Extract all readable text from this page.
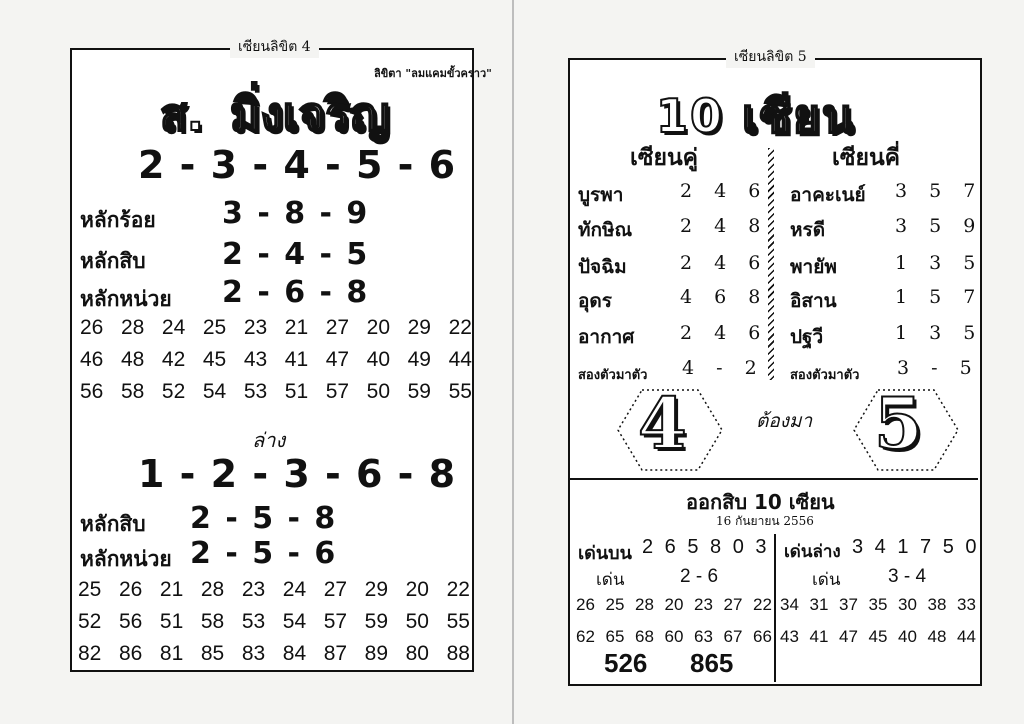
เซียนลิขิต 4
ลิขิตา "ลมแคมขั้วคราว"
ส. มิ่งเจริญ
2 - 3 - 4 - 5 - 6
หลักร้อย 3 - 8 - 9
หลักสิบ	2 - 4 - 5
หลักหน่วย 2 - 6 - 8
26 28 24 25 23 21 27 20 29 22
46 48 42 45 43 41 47 40 49 44
56 58 52 54 53 51 57 50 59 55
ล่าง
1 - 2 - 3 - 6 - 8
หลักสิบ 2 - 5 - 8
หลักหน่วย 2 - 5 - 6
25 26 21 28 23 24 27 29 20 22
52 56 51 58 53 54 57 59 50 55
82 86 81 85 83 84 87 89 80 88
เซียนลิขิต 5
10 เซียน
เซียนคู่	เซียนคี่
บูรพา	2 4 6
ทักษิณ	2 4 8
ปัจฉิม	2 4 6
อุดร	4 6 8
อากาศ 2 4 6
อาคะเนย์ 3 5 7
หรดี	3 5 9
พายัพ	1 3 5
อิสาน	1 5 7
ปฐวี	1 3 5
สองตัวมาตัว 4 - 2 สองตัวมาตัว 3 - 5
4	5
ต้องมา
ออกสิบ 10 เซียน
16 กันยายน 2556
เด่นบน 2 6 5 8 0 3
เด่น	2 - 6
เด่นล่าง 3 4 1 7 5 0
เด่น	3 - 4
26 25 28 20 23 27 22
62 65 68 60 63 67 66
34 31 37 35 30 38 33
43 41 47 45 40 48 44
526 865
